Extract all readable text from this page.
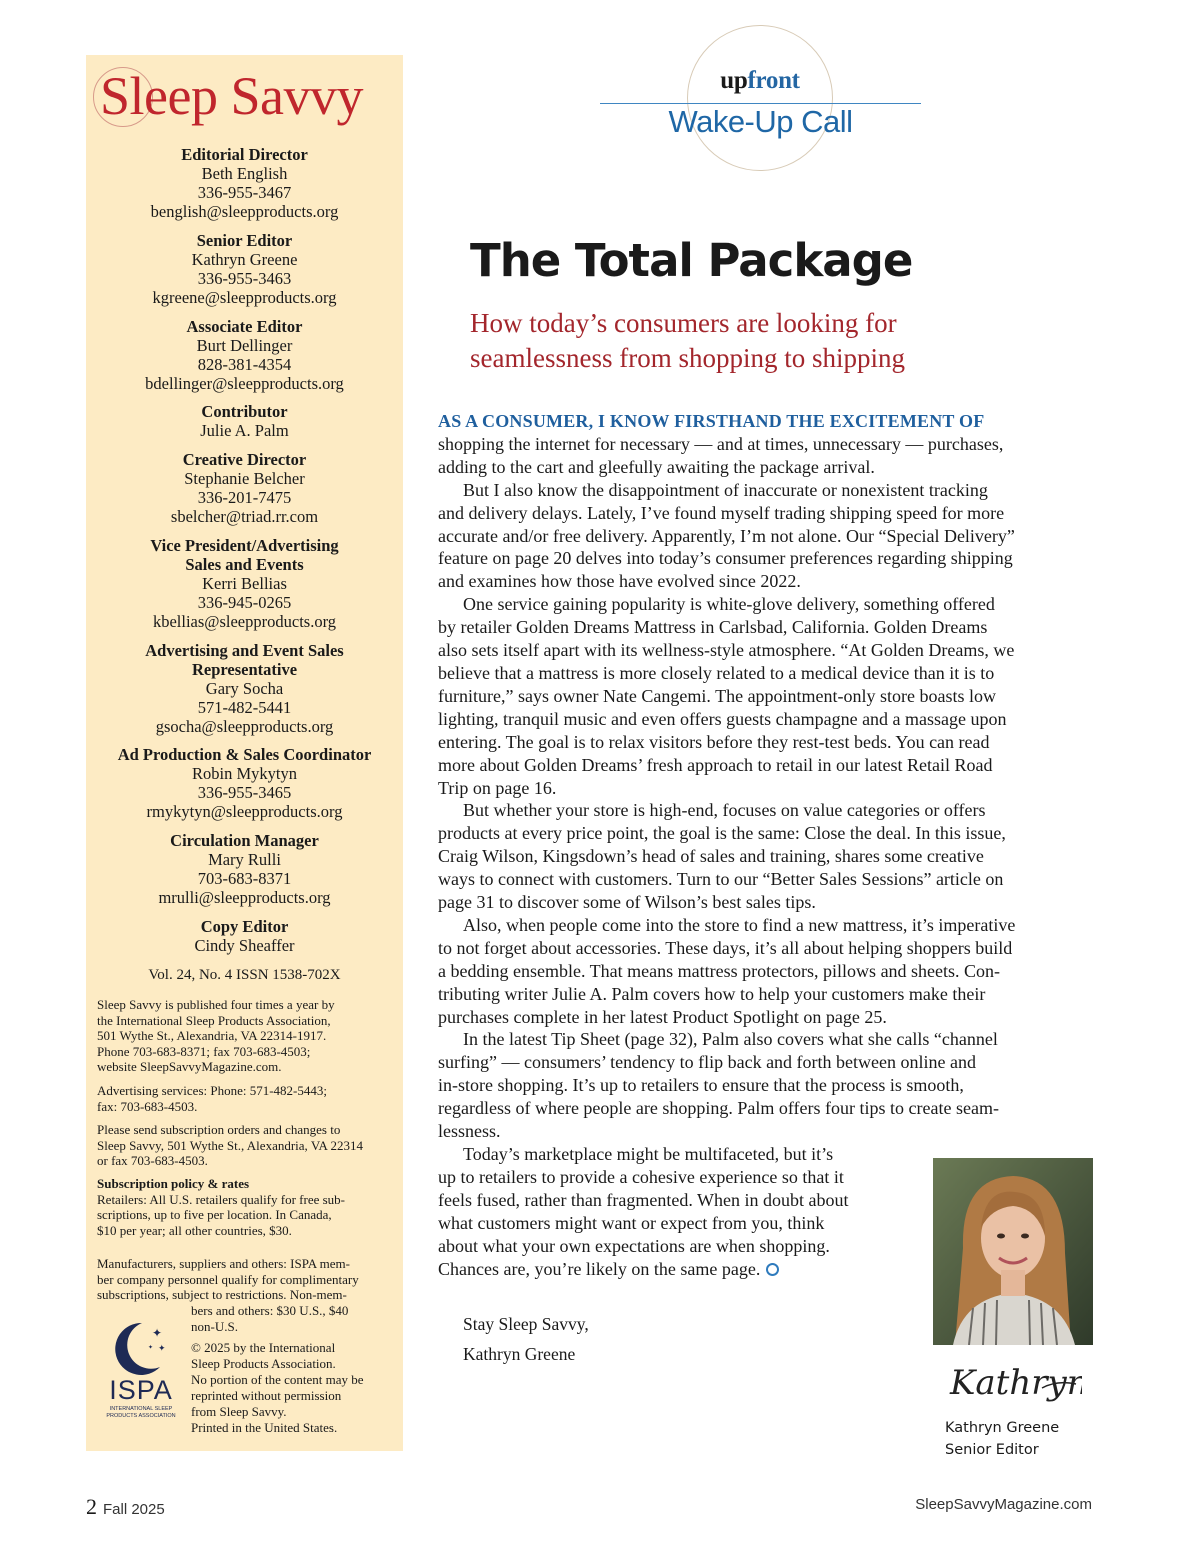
Sleep Savvy
Editorial Director
Beth English
336-955-3467
benglish@sleepproducts.org
Senior Editor
Kathryn Greene
336-955-3463
kgreene@sleepproducts.org
Associate Editor
Burt Dellinger
828-381-4354
bdellinger@sleepproducts.org
Contributor
Julie A. Palm
Creative Director
Stephanie Belcher
336-201-7475
sbelcher@triad.rr.com
Vice President/Advertising
Sales and Events
Kerri Bellias
336-945-0265
kbellias@sleepproducts.org
Advertising and Event Sales
Representative
Gary Socha
571-482-5441
gsocha@sleepproducts.org
Ad Production & Sales Coordinator
Robin Mykytyn
336-955-3465
rmykytyn@sleepproducts.org
Circulation Manager
Mary Rulli
703-683-8371
mrulli@sleepproducts.org
Copy Editor
Cindy Sheaffer
Vol. 24, No. 4 ISSN 1538-702X
Sleep Savvy is published four times a year by
the International Sleep Products Association,
501 Wythe St., Alexandria, VA 22314-1917.
Phone 703-683-8371; fax 703-683-4503;
website SleepSavvyMagazine.com.
Advertising services: Phone: 571-482-5443;
fax: 703-683-4503.
Please send subscription orders and changes to
Sleep Savvy, 501 Wythe St., Alexandria, VA 22314
or fax 703-683-4503.
Subscription policy & rates
Retailers: All U.S. retailers qualify for free sub-
scriptions, up to five per location. In Canada,
$10 per year; all other countries, $30.
Manufacturers, suppliers and others: ISPA mem-
ber company personnel qualify for complimentary
subscriptions, subject to restrictions. Non-mem-
bers and others: $30 U.S., $40
non-U.S.
© 2025 by the International
Sleep Products Association.
No portion of the content may be
reprinted without permission
from Sleep Savvy.
Printed in the United States.
✦
✦
✦
ISPA
INTERNATIONAL SLEEP
PRODUCTS ASSOCIATION
upfront
Wake-Up Call
The Total Package
How today’s consumers are looking for
seamlessness from shopping to shipping
AS A CONSUMER, I KNOW FIRSTHAND THE EXCITEMENT OF
shopping the internet for necessary — and at times, unnecessary — purchases,
adding to the cart and gleefully awaiting the package arrival.
But I also know the disappointment of inaccurate or nonexistent tracking
and delivery delays. Lately, I’ve found myself trading shipping speed for more
accurate and/or free delivery. Apparently, I’m not alone. Our “Special Delivery”
feature on page 20 delves into today’s consumer preferences regarding shipping
and examines how those have evolved since 2022.
One service gaining popularity is white-glove delivery, something offered
by retailer Golden Dreams Mattress in Carlsbad, California. Golden Dreams
also sets itself apart with its wellness-style atmosphere. “At Golden Dreams, we
believe that a mattress is more closely related to a medical device than it is to
furniture,” says owner Nate Cangemi. The appointment-only store boasts low
lighting, tranquil music and even offers guests champagne and a massage upon
entering. The goal is to relax visitors before they rest-test beds. You can read
more about Golden Dreams’ fresh approach to retail in our latest Retail Road
Trip on page 16.
But whether your store is high-end, focuses on value categories or offers
products at every price point, the goal is the same: Close the deal. In this issue,
Craig Wilson, Kingsdown’s head of sales and training, shares some creative
ways to connect with customers. Turn to our “Better Sales Sessions” article on
page 31 to discover some of Wilson’s best sales tips.
Also, when people come into the store to find a new mattress, it’s imperative
to not forget about accessories. These days, it’s all about helping shoppers build
a bedding ensemble. That means mattress protectors, pillows and sheets. Con-
tributing writer Julie A. Palm covers how to help your customers make their
purchases complete in her latest Product Spotlight on page 25.
In the latest Tip Sheet (page 32), Palm also covers what she calls “channel
surfing” — consumers’ tendency to flip back and forth between online and
in-store shopping. It’s up to retailers to ensure that the process is smooth,
regardless of where people are shopping. Palm offers four tips to create seam-
lessness.
Today’s marketplace might be multifaceted, but it’s
up to retailers to provide a cohesive experience so that it
feels fused, rather than fragmented. When in doubt about
what customers might want or expect from you, think
about what your own expectations are when shopping.
Chances are, you’re likely on the same page.
Stay Sleep Savvy,
Kathryn Greene
Kathryn
Kathryn Greene
Senior Editor
2 Fall 2025	SleepSavvyMagazine.com
